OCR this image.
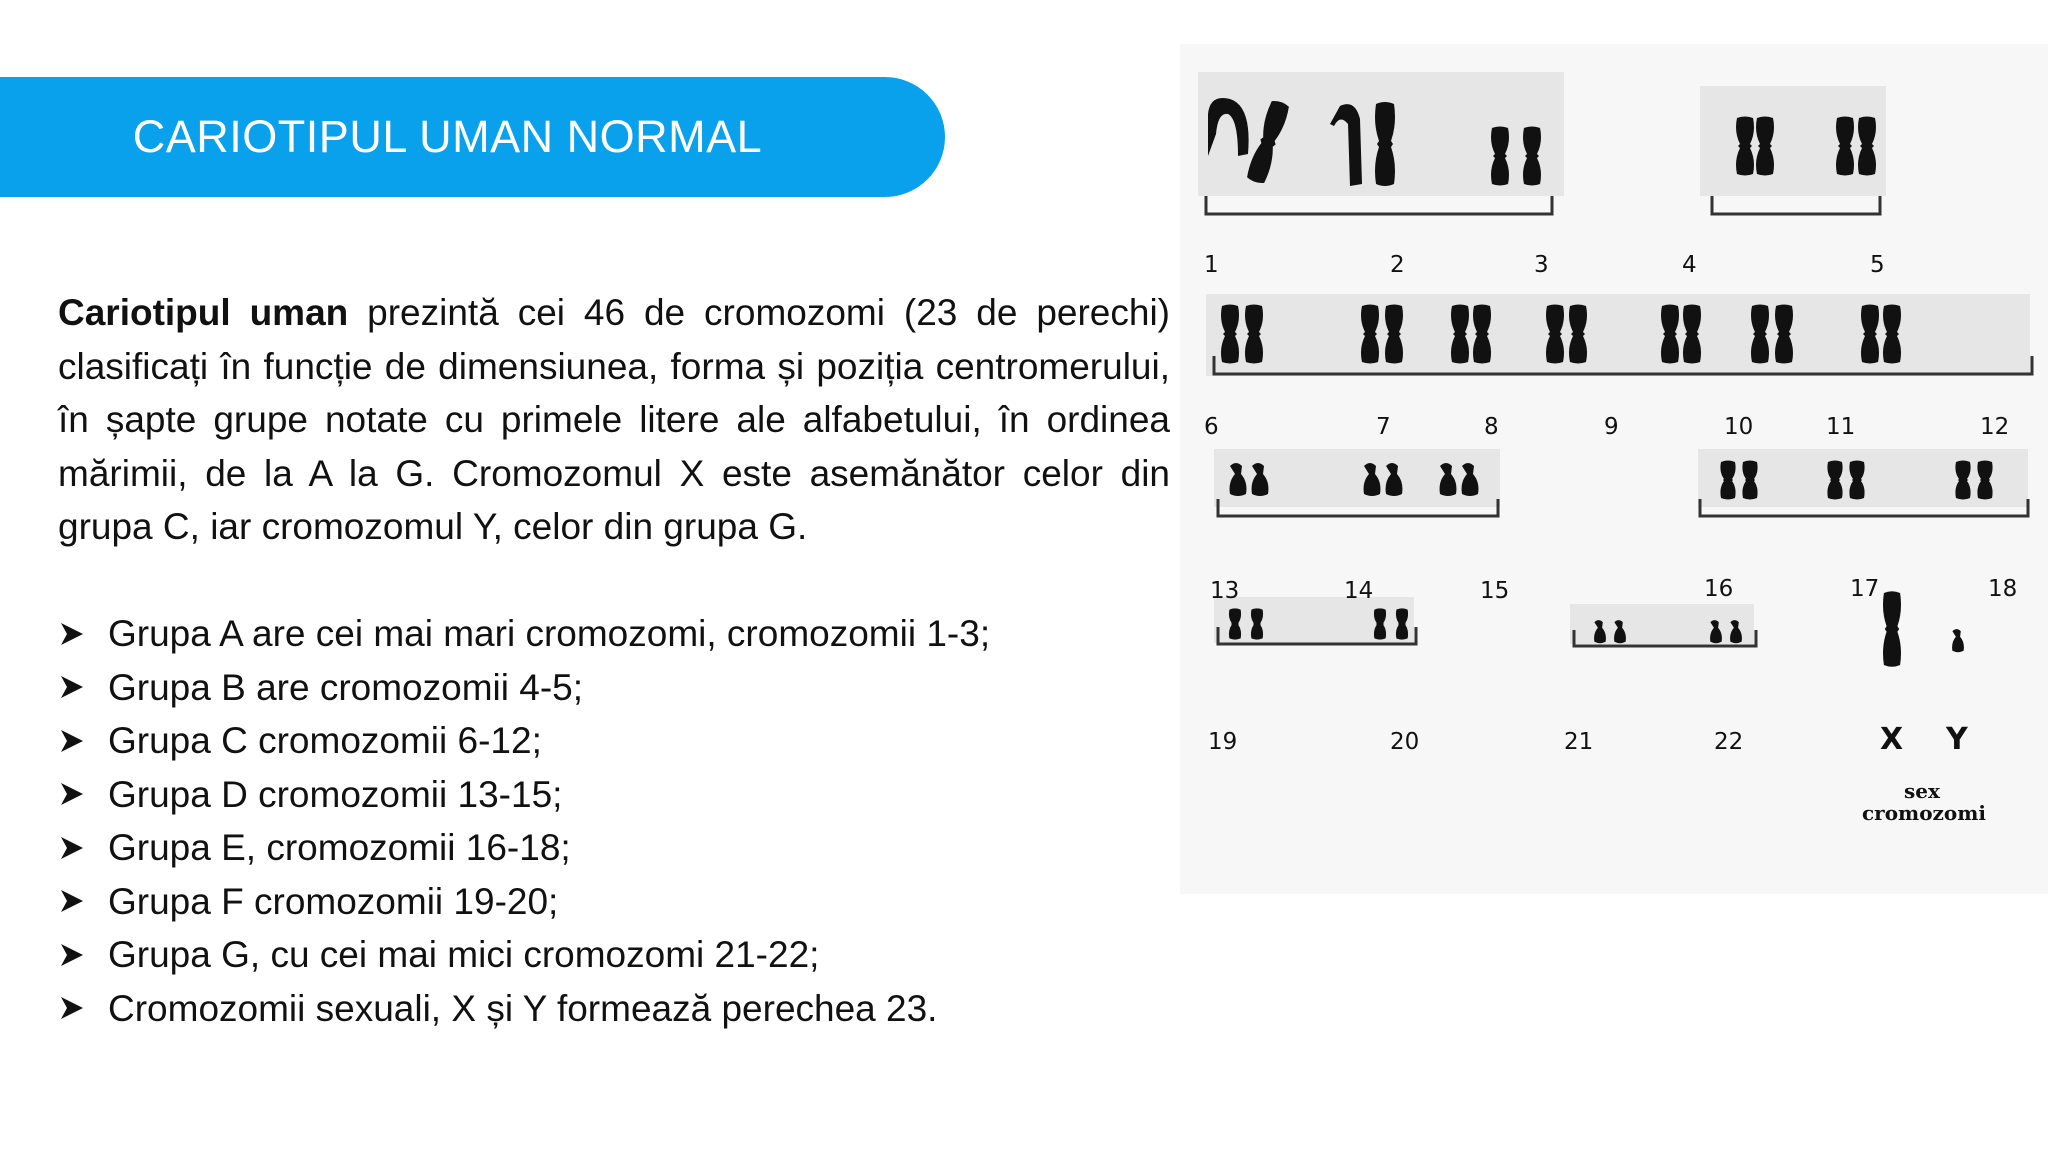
CARIOTIPUL UMAN NORMAL
Cariotipul uman prezintă cei 46 de cromozomi (23 de perechi) clasificați în funcție de dimensiunea, forma și poziția centromerului, în șapte grupe notate cu primele litere ale alfabetului, în ordinea mărimii, de la A la G. Cromozomul X este asemănător celor din grupa C, iar cromozomul Y, celor din grupa G.
Grupa A are cei mai mari cromozomi, cromozomii 1-3;
Grupa B are cromozomii 4-5;
Grupa C cromozomii 6-12;
Grupa D cromozomii 13-15;
Grupa E, cromozomii 16-18;
Grupa F cromozomii 19-20;
Grupa G, cu cei mai mici cromozomi 21-22;
Cromozomii sexuali, X și Y formează perechea 23.
1	2	3	4	5
6	7	8	9	10	11	12
13	14	15	16	17	18
19	20	21	22	X Y
sex
cromozomi
